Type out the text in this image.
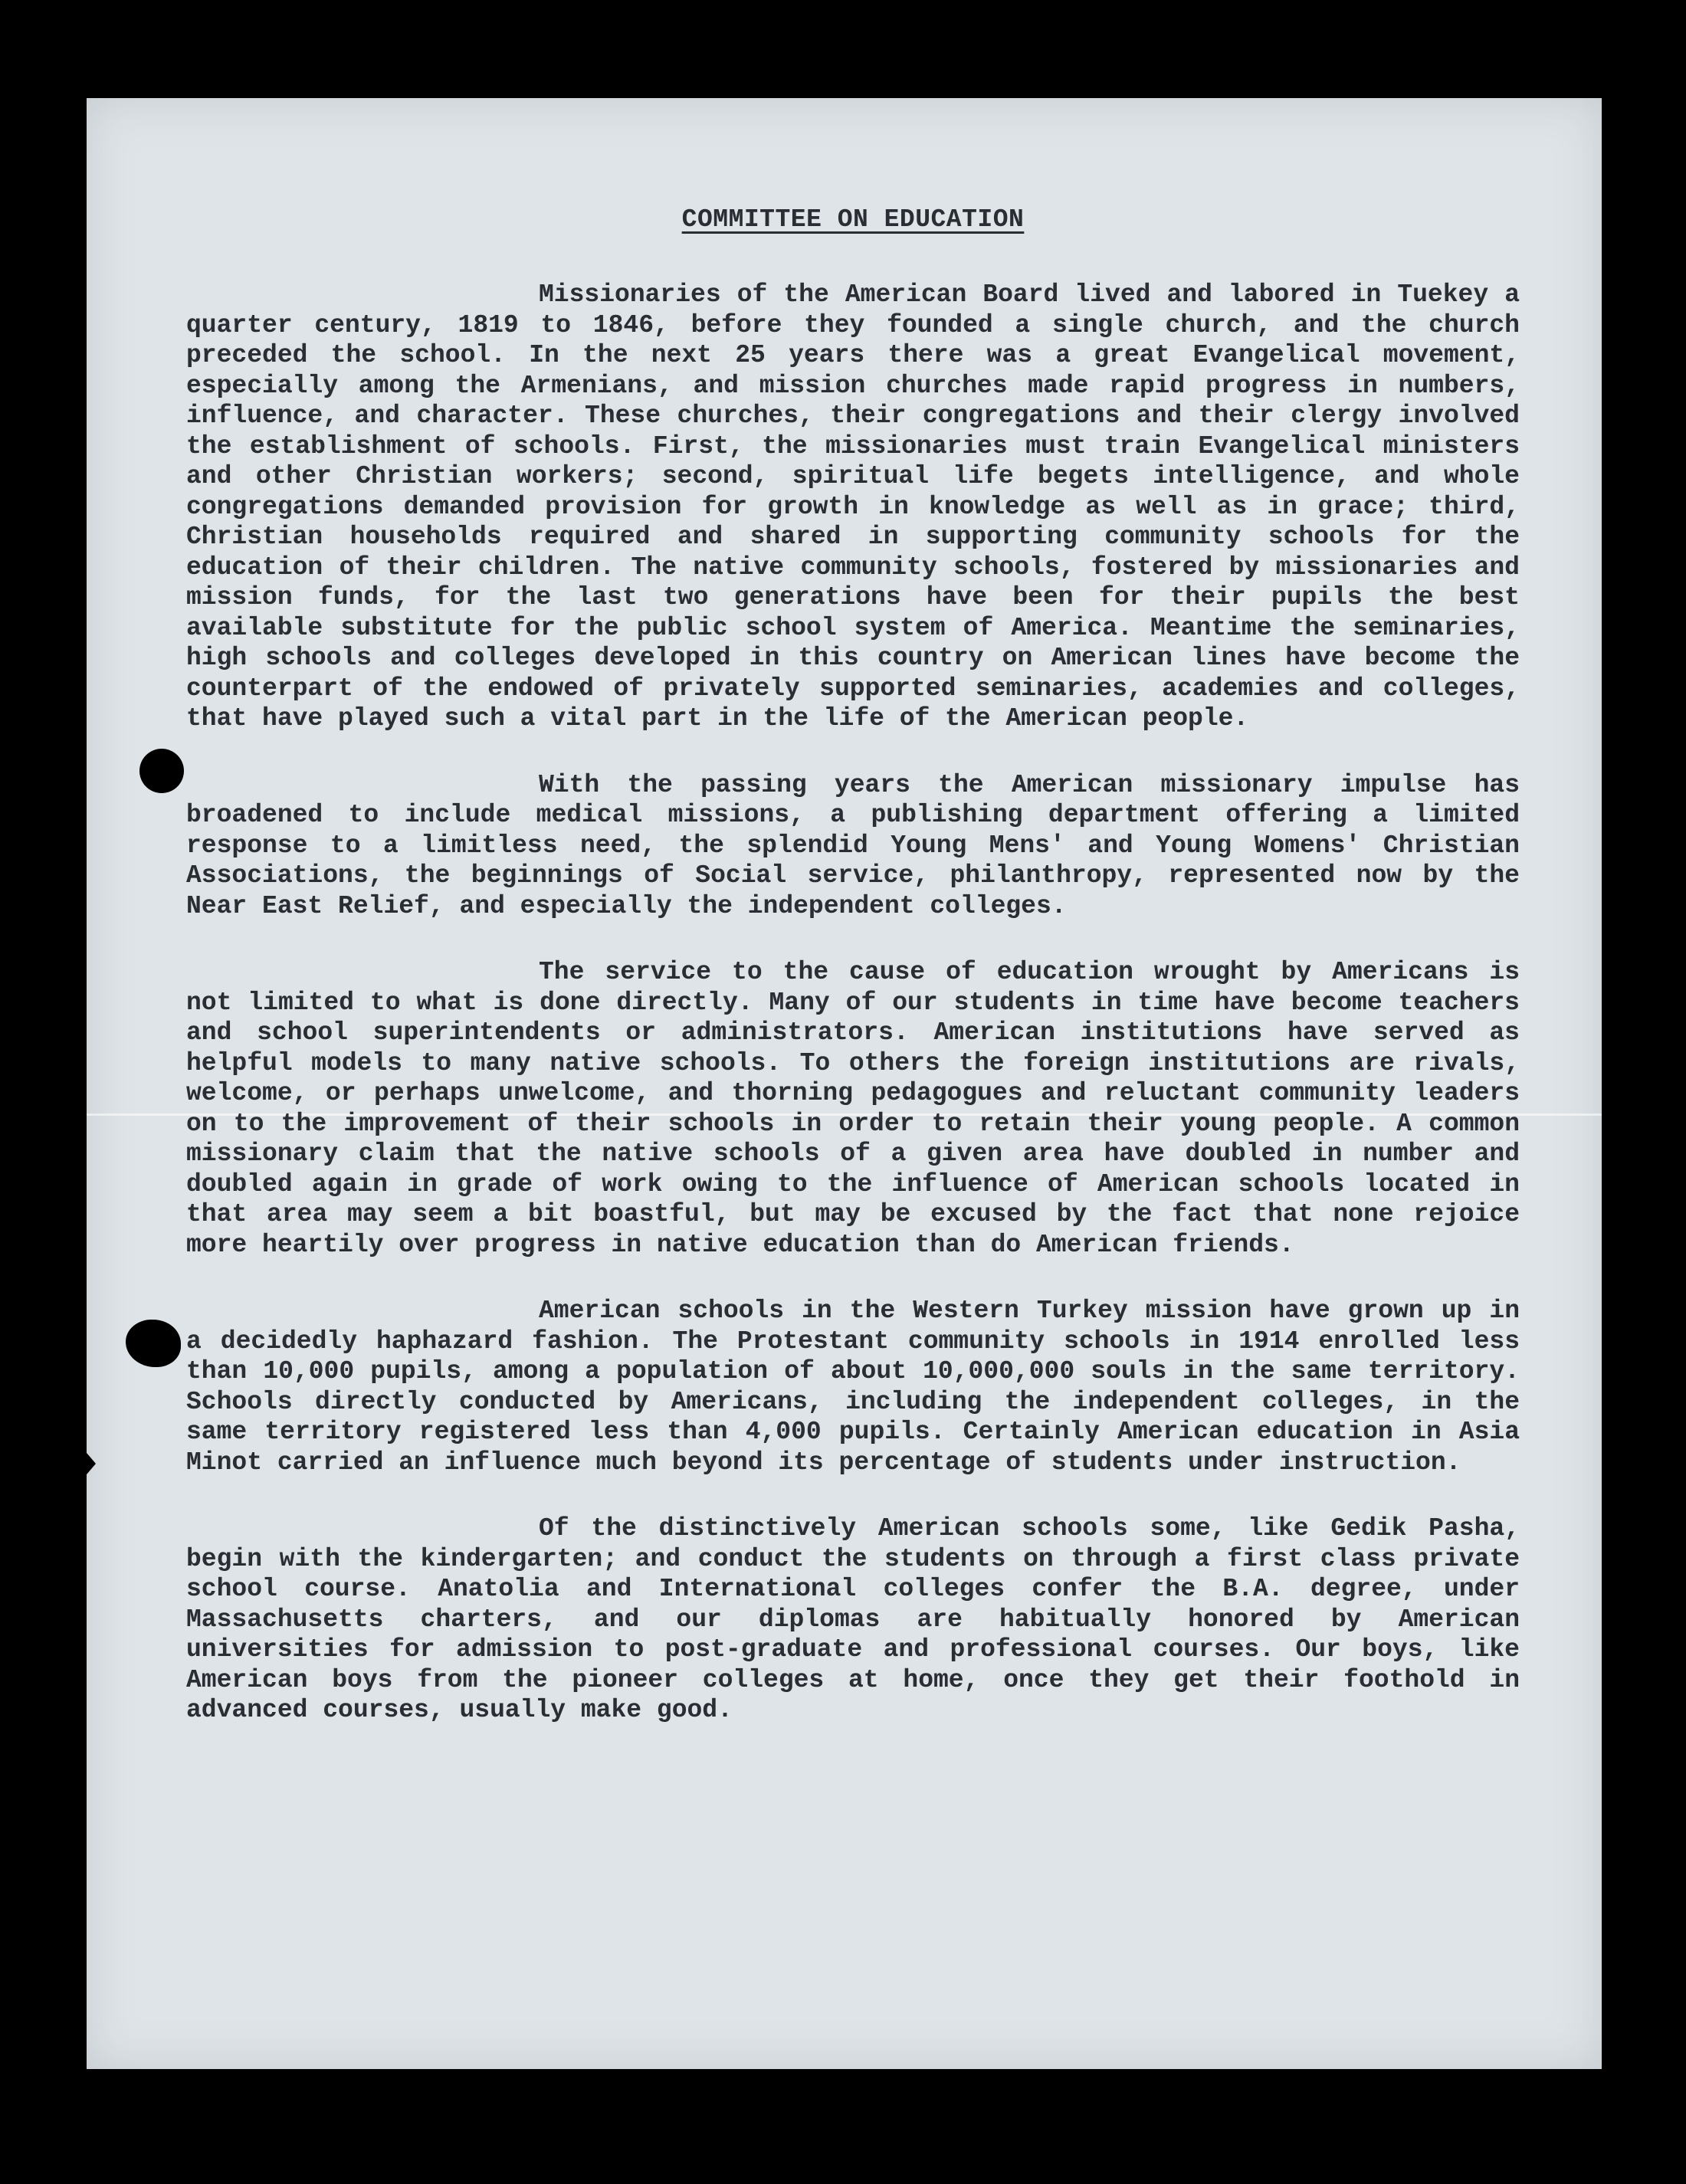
COMMITTEE ON EDUCATION

Missionaries of the American Board lived and labored in Tuekey a quarter century, 1819 to 1846, before they founded a single church, and the church preceded the school. In the next 25 years there was a great Evangelical movement, especially among the Armenians, and mission churches made rapid progress in numbers, influence, and character. These churches, their congregations and their clergy involved the establishment of schools. First, the missionaries must train Evangelical ministers and other Christian workers; second, spiritual life begets intelligence, and whole congregations demanded provision for growth in knowledge as well as in grace; third, Christian households required and shared in supporting community schools for the education of their children. The native community schools, fostered by missionaries and mission funds, for the last two generations have been for their pupils the best available substitute for the public school system of America. Meantime the seminaries, high schools and colleges developed in this country on American lines have become the counterpart of the endowed of privately supported seminaries, academies and colleges, that have played such a vital part in the life of the American people.

With the passing years the American missionary impulse has broadened to include medical missions, a publishing department offering a limited response to a limitless need, the splendid Young Mens' and Young Womens' Christian Associations, the beginnings of Social service, philanthropy, represented now by the Near East Relief, and especially the independent colleges.

The service to the cause of education wrought by Americans is not limited to what is done directly. Many of our students in time have become teachers and school superintendents or administrators. American institutions have served as helpful models to many native schools. To others the foreign institutions are rivals, welcome, or perhaps unwelcome, and thorning pedagogues and reluctant community leaders on to the improvement of their schools in order to retain their young people. A common missionary claim that the native schools of a given area have doubled in number and doubled again in grade of work owing to the influence of American schools located in that area may seem a bit boastful, but may be excused by the fact that none rejoice more heartily over progress in native education than do American friends.

American schools in the Western Turkey mission have grown up in a decidedly haphazard fashion. The Protestant community schools in 1914 enrolled less than 10,000 pupils, among a population of about 10,000,000 souls in the same territory. Schools directly conducted by Americans, including the independent colleges, in the same territory registered less than 4,000 pupils. Certainly American education in Asia Minot carried an influence much beyond its percentage of students under instruction.

Of the distinctively American schools some, like Gedik Pasha, begin with the kindergarten; and conduct the students on through a first class private school course. Anatolia and International colleges confer the B.A. degree, under Massachusetts charters, and our diplomas are habitually honored by American universities for admission to post-graduate and professional courses. Our boys, like American boys from the pioneer colleges at home, once they get their foothold in advanced courses, usually make good.
